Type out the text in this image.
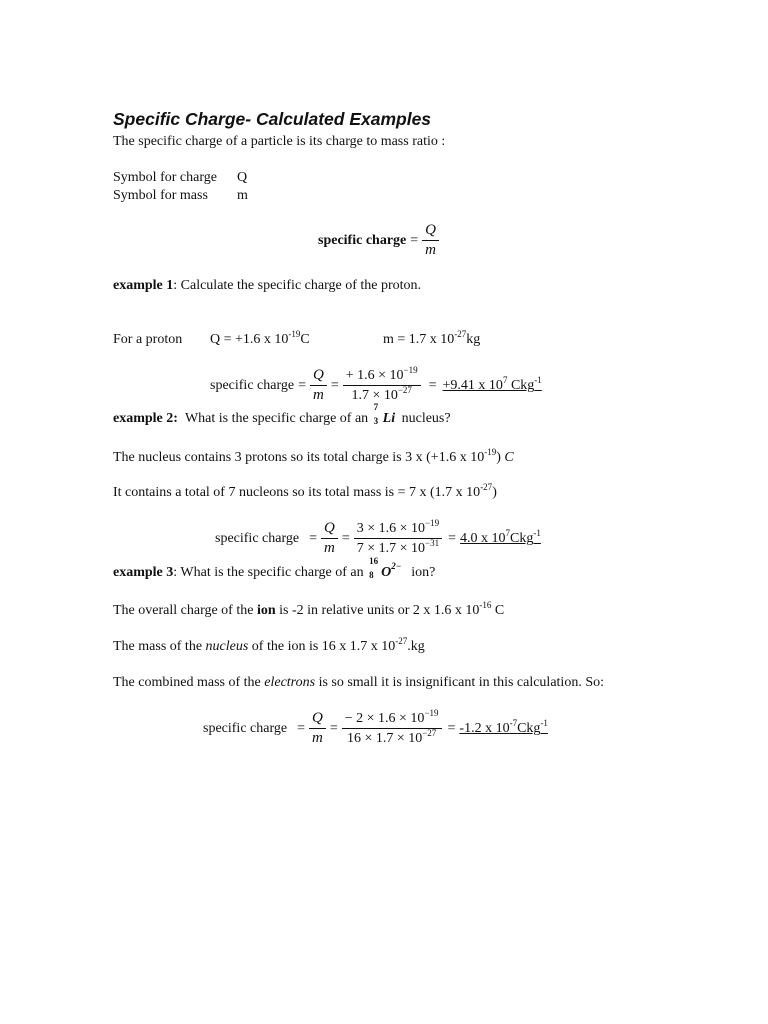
Specific Charge- Calculated Examples
The specific charge of a particle is its charge to mass ratio :
Symbol for charge Q
Symbol for mass m
specific charge = $\frac{Q}{m}$
example 1: Calculate the specific charge of the proton.
For a proton Q = +1.6 x $10^{-19}C$	m = 1.7 x $10^{-27}kg$
specific charge = $\frac{Q}{m} = \frac{+ 1.6 \times 10^{-19}}{1.7 \times 10^{-27}} = +9.41$ x $10^7$ Ckg$^{-1}$
example 2: What is the specific charge of an
7
3 Li nucleus?
The nucleus contains 3 protons so its total charge is 3 x (+1.6 x $10^{-19}$) C
It contains a total of 7 nucleons so its total mass is = 7 x (1.7 x $10^{-27}$)
specific charge = $\frac{Q}{m} = \frac{3 \times 1.6 \times 10^{-19}}{7 \times 1.7 \times 10^{-31}} = 4.0$ x $10^7Ckg^{-1}$
example 3: What is the specific charge of an
16
8 $O^{2-}$ ion?
The overall charge of the ion is -2 in relative units or 2 x 1.6 x $10^{-16}$ C
The mass of the nucleus of the ion is 16 x 1.7 x $10^{-27}.kg$
The combined mass of the electrons is so small it is insignificant in this calculation. So:
specific charge = $\frac{Q}{m} = \frac{- 2 \times 1.6 \times 10^{-19}}{16 \times 1.7 \times 10^{-27}} = -1.2$ x $10^{-7}Ckg^{-1}$
